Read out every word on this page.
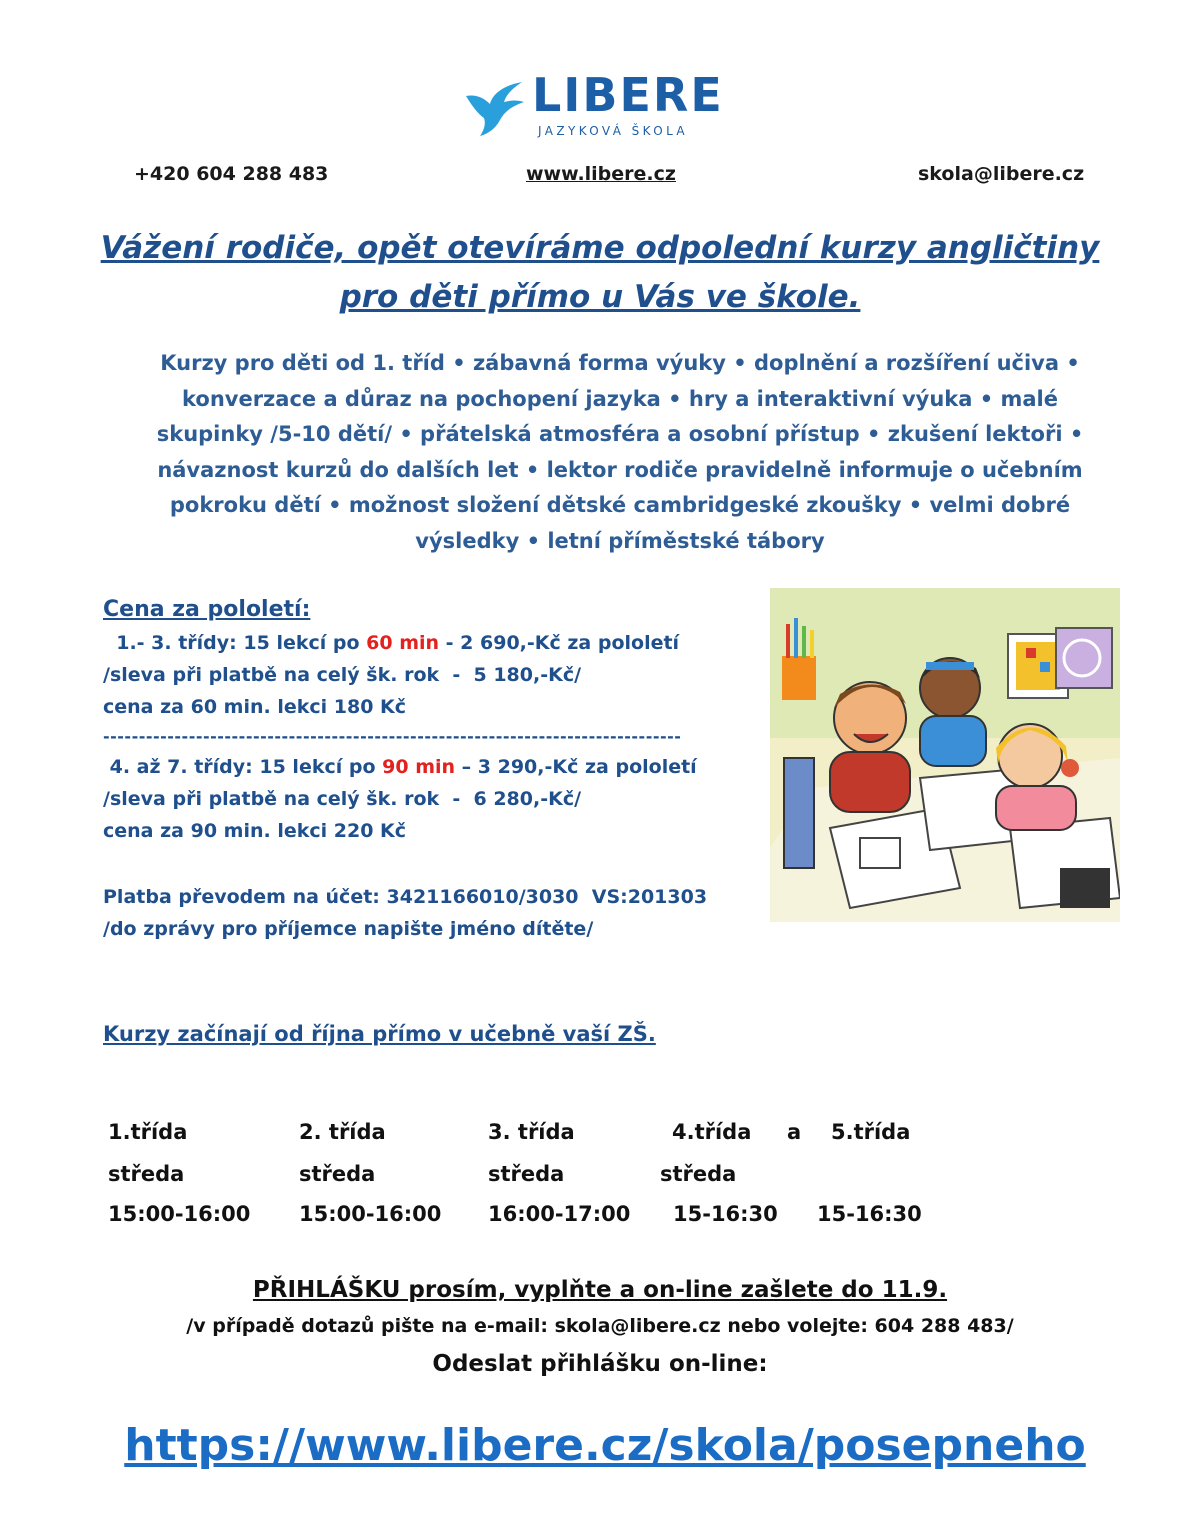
LIBERE
JAZYKOVÁ ŠKOLA
+420 604 288 483	www.libere.cz	skola@libere.cz
Vážení rodiče, opět otevíráme odpolední kurzy angličtiny
pro děti přímo u Vás ve škole.
Kurzy pro děti od 1. tříd • zábavná forma výuky • doplnění a rozšíření učiva •
konverzace a důraz na pochopení jazyka • hry a interaktivní výuka • malé
skupinky /5-10 dětí/ • přátelská atmosféra a osobní přístup • zkušení lektoři •
návaznost kurzů do dalších let • lektor rodiče pravidelně informuje o učebním
pokroku dětí • možnost složení dětské cambridgeské zkoušky • velmi dobré
výsledky • letní příměstské tábory
Cena za pololetí:
1.- 3. třídy: 15 lekcí po 60 min - 2 690,-Kč za pololetí
/sleva při platbě na celý šk. rok  -  5 180,-Kč/
cena za 60 min. lekci 180 Kč
---------------------------------------------------------------------------------
4. až 7. třídy: 15 lekcí po 90 min – 3 290,-Kč za pololetí
/sleva při platbě na celý šk. rok  -  6 280,-Kč/
cena za 90 min. lekci 220 Kč
Platba převodem na účet: 3421166010/3030  VS:201303
/do zprávy pro příjemce napište jméno dítěte/
Kurzy začínají od října přímo v učebně vaší ZŠ.
1.třída	2. třída	3. třída	4.třída a 5.třída
středa	středa	středa	středa
15:00-16:00 15:00-16:00 16:00-17:00 15-16:30 15-16:30
PŘIHLÁŠKU prosím, vyplňte a on-line zašlete do 11.9.
/v případě dotazů pište na e-mail: skola@libere.cz nebo volejte: 604 288 483/
Odeslat přihlášku on-line:
https://www.libere.cz/skola/posepneho
